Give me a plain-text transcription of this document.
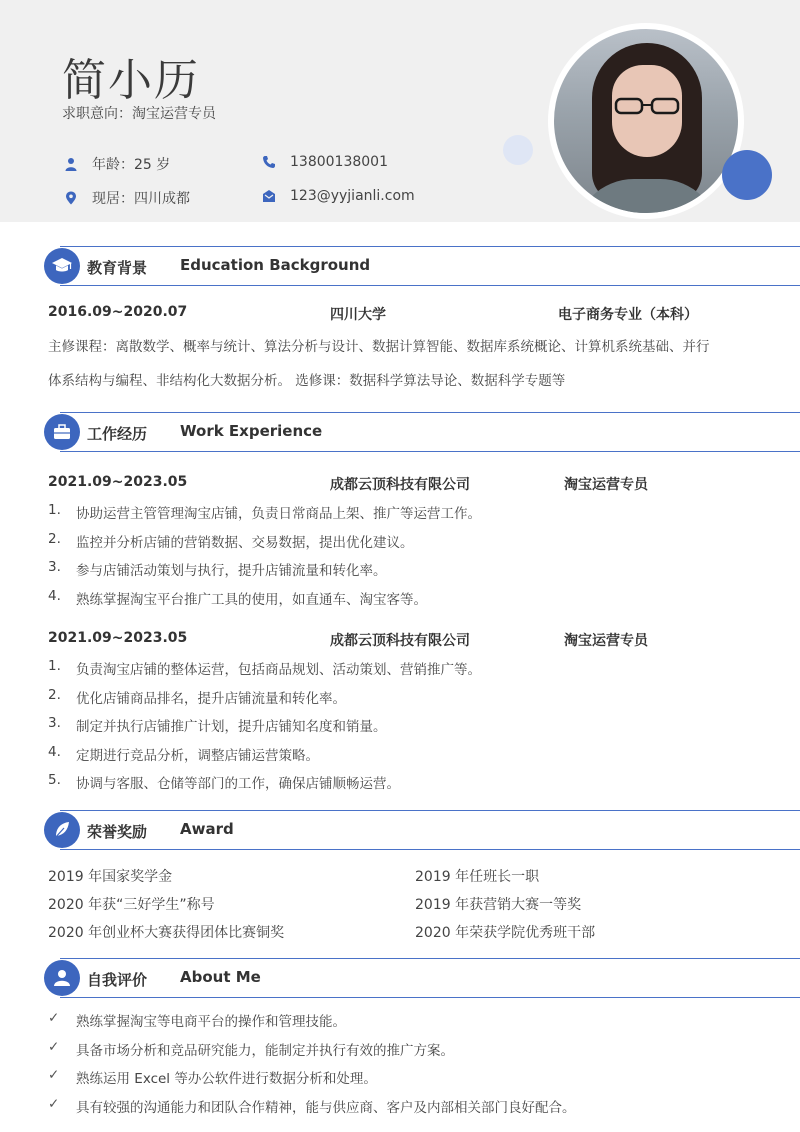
简小历
求职意向：淘宝运营专员
年龄：25 岁	13800138001
现居：四川成都	123@yyjianli.com
教育背景 Education Background
2016.09~2020.07	四川大学	电子商务专业（本科）
主修课程：离散数学、概率与统计、算法分析与设计、数据计算智能、数据库系统概论、计算机系统基础、并行
体系结构与编程、非结构化大数据分析。 选修课：数据科学算法导论、数据科学专题等
工作经历 Work Experience
2021.09~2023.05	成都云顶科技有限公司	淘宝运营专员
1.	协助运营主管管理淘宝店铺，负责日常商品上架、推广等运营工作。
2.	监控并分析店铺的营销数据、交易数据，提出优化建议。
3.	参与店铺活动策划与执行，提升店铺流量和转化率。
4.	熟练掌握淘宝平台推广工具的使用，如直通车、淘宝客等。
2021.09~2023.05	成都云顶科技有限公司	淘宝运营专员
1.	负责淘宝店铺的整体运营，包括商品规划、活动策划、营销推广等。
2.	优化店铺商品排名，提升店铺流量和转化率。
3.	制定并执行店铺推广计划，提升店铺知名度和销量。
4.	定期进行竞品分析，调整店铺运营策略。
5.	协调与客服、仓储等部门的工作，确保店铺顺畅运营。
荣誉奖励 Award
2019 年国家奖学金	2019 年任班长一职
2020 年获“三好学生”称号	2019 年获营销大赛一等奖
2020 年创业杯大赛获得团体比赛铜奖	2020 年荣获学院优秀班干部
自我评价 About Me
✓	熟练掌握淘宝等电商平台的操作和管理技能。
✓	具备市场分析和竞品研究能力，能制定并执行有效的推广方案。
✓	熟练运用 Excel 等办公软件进行数据分析和处理。
✓	具有较强的沟通能力和团队合作精神，能与供应商、客户及内部相关部门良好配合。
